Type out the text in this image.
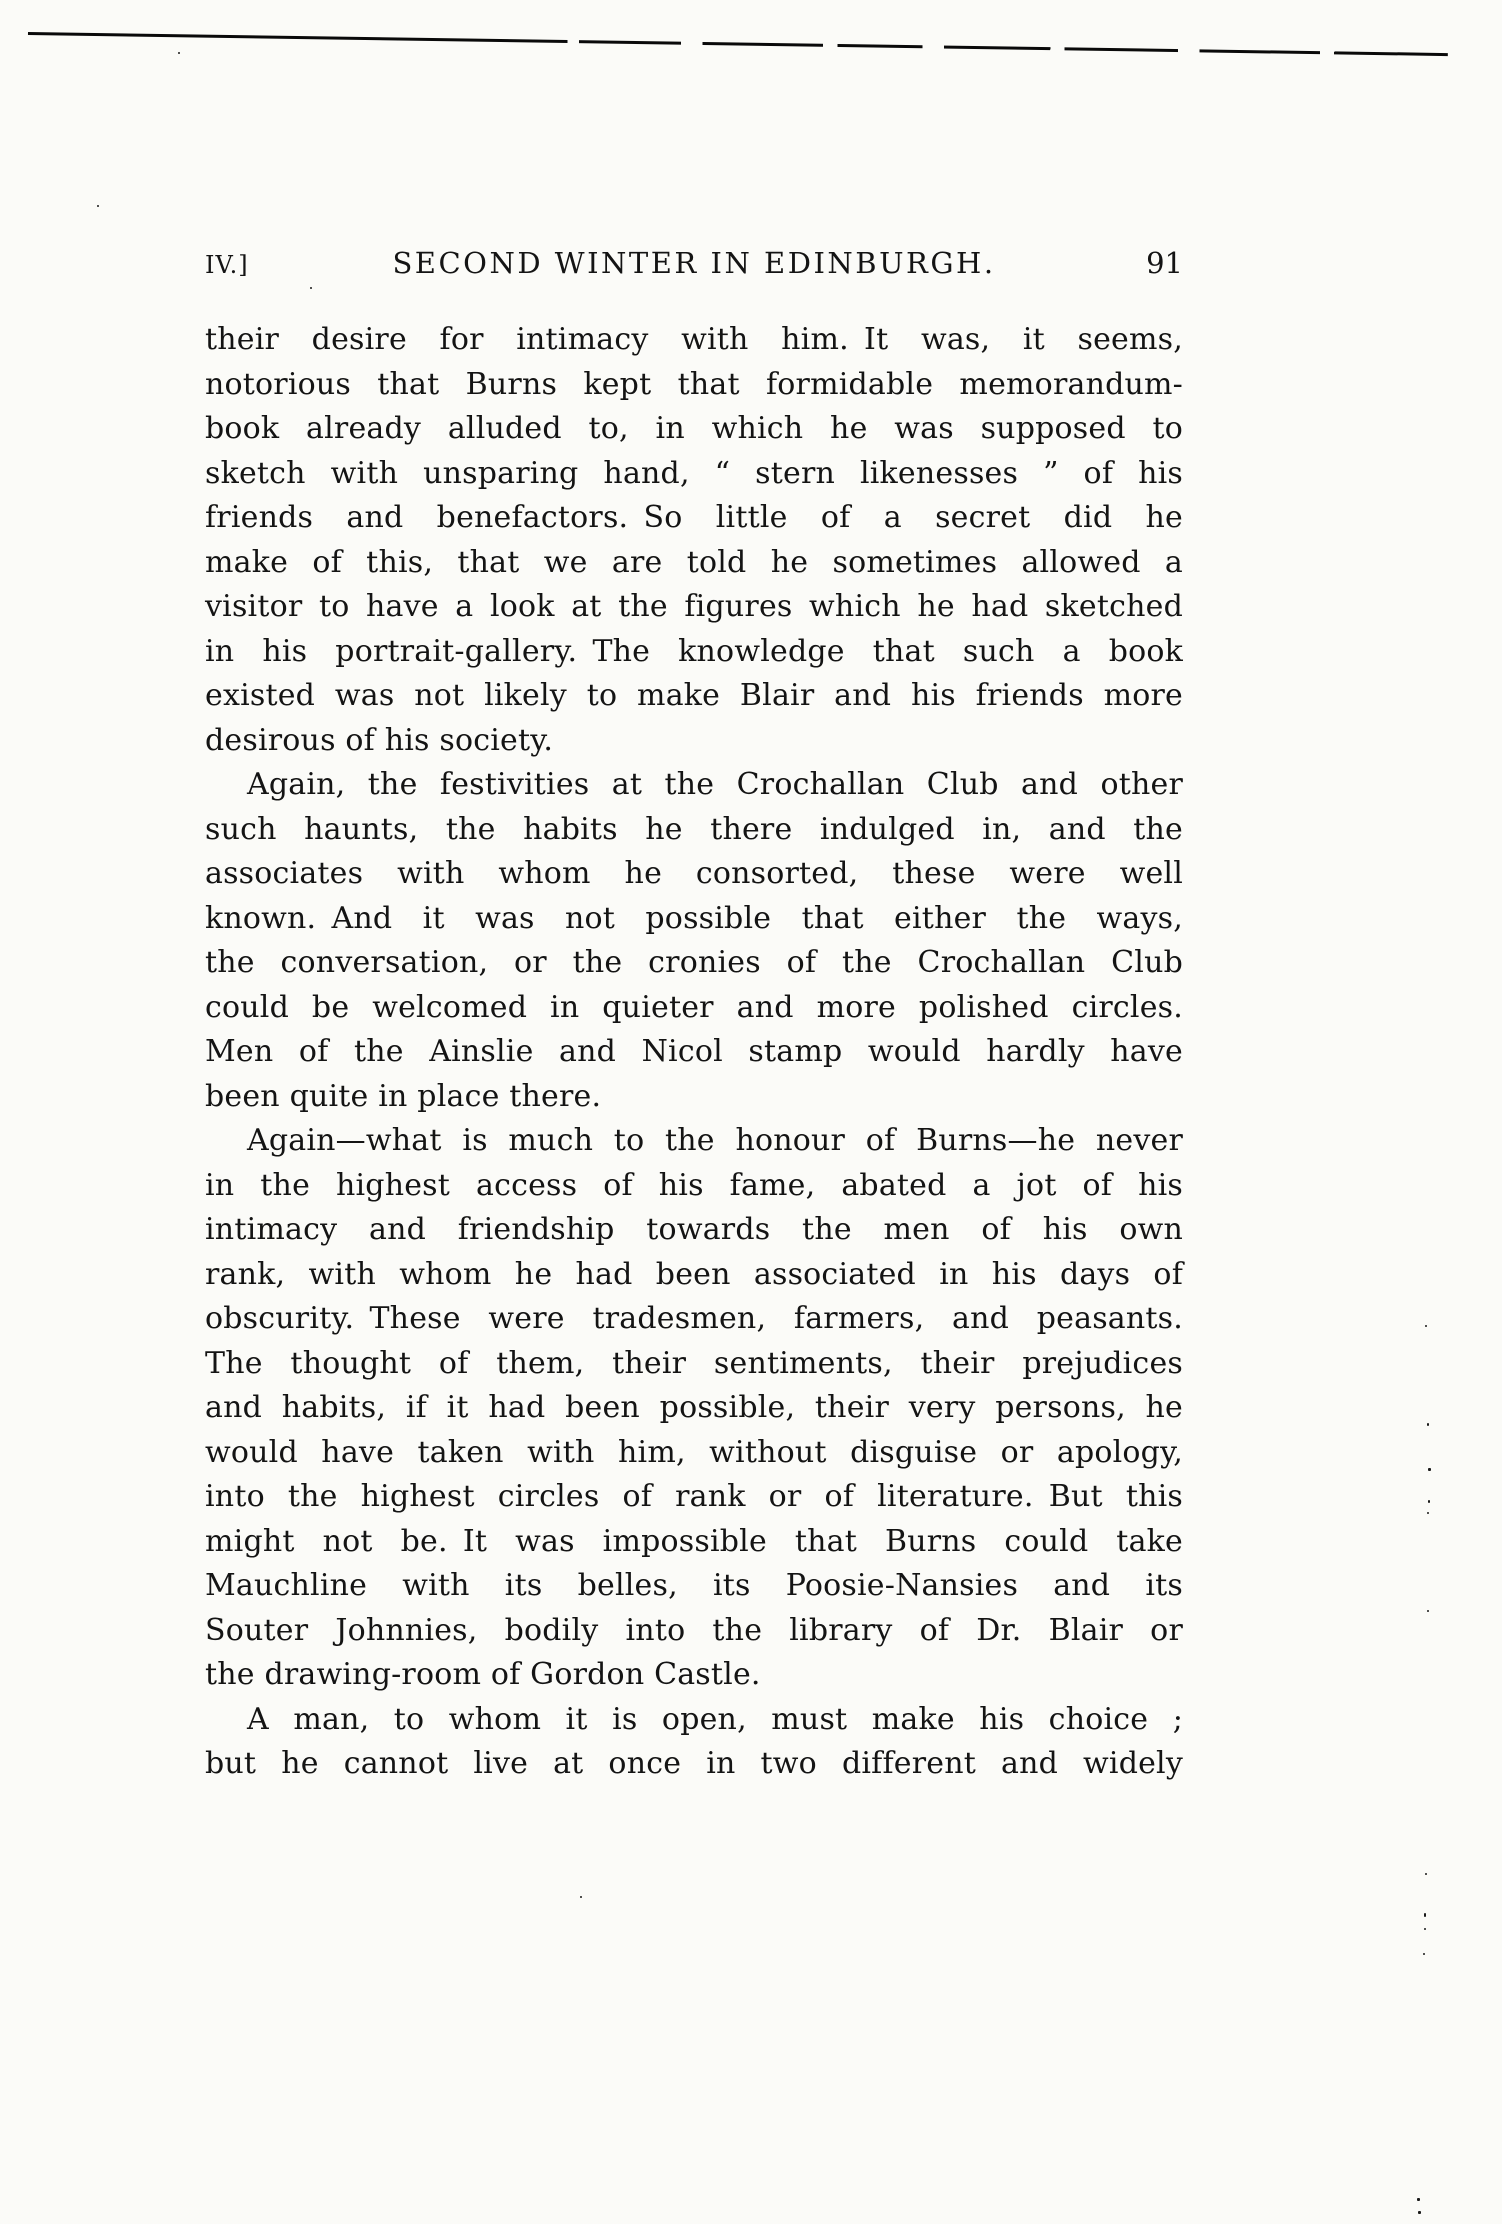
IV.]	SECOND WINTER IN EDINBURGH.	91
their desire for intimacy with him. It was, it seems,
notorious that Burns kept that formidable memorandum-
book already alluded to, in which he was supposed to
sketch with unsparing hand, “ stern likenesses ” of his
friends and benefactors. So little of a secret did he
make of this, that we are told he sometimes allowed a
visitor to have a look at the figures which he had sketched
in his portrait-gallery. The knowledge that such a book
existed was not likely to make Blair and his friends more
desirous of his society.
Again, the festivities at the Crochallan Club and other
such haunts, the habits he there indulged in, and the
associates with whom he consorted, these were well
known. And it was not possible that either the ways,
the conversation, or the cronies of the Crochallan Club
could be welcomed in quieter and more polished circles.
Men of the Ainslie and Nicol stamp would hardly have
been quite in place there.
Again—what is much to the honour of Burns—he never
in the highest access of his fame, abated a jot of his
intimacy and friendship towards the men of his own
rank, with whom he had been associated in his days of
obscurity. These were tradesmen, farmers, and peasants.
The thought of them, their sentiments, their prejudices
and habits, if it had been possible, their very persons, he
would have taken with him, without disguise or apology,
into the highest circles of rank or of literature. But this
might not be. It was impossible that Burns could take
Mauchline with its belles, its Poosie-Nansies and its
Souter Johnnies, bodily into the library of Dr. Blair or
the drawing-room of Gordon Castle.
A man, to whom it is open, must make his choice ;
but he cannot live at once in two different and widely
